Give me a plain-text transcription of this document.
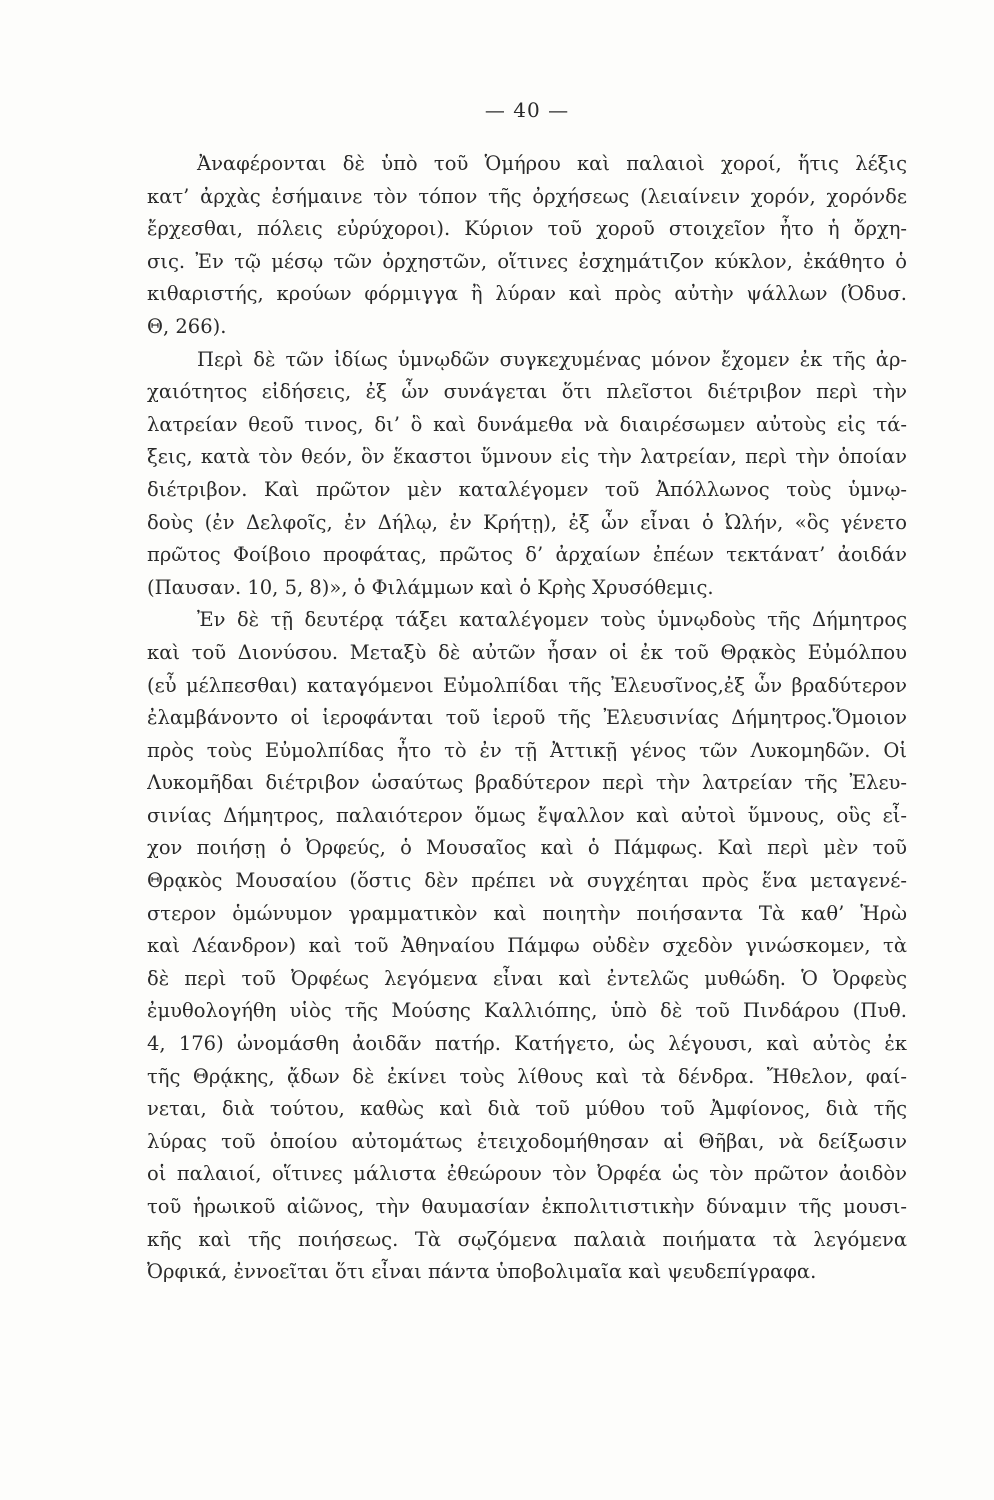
— 40 —
Ἀναφέρονται δὲ ὑπὸ τοῦ Ὁμήρου καὶ παλαιοὶ χοροί, ἥτις λέξις
κατ’ ἀρχὰς ἐσήμαινε τὸν τόπον τῆς ὀρχήσεως (λειαίνειν χορόν, χορόνδε
ἔρχεσθαι, πόλεις εὐρύχοροι). Κύριον τοῦ χοροῦ στοιχεῖον ἦτο ἡ ὄρχη-
σις. Ἐν τῷ μέσῳ τῶν ὀρχηστῶν, οἵτινες ἐσχημάτιζον κύκλον, ἐκάθητο ὁ
κιθαριστής, κρούων φόρμιγγα ἢ λύραν καὶ πρὸς αὐτὴν ψάλλων (Ὀδυσ.
Θ, 266).
Περὶ δὲ τῶν ἰδίως ὑμνῳδῶν συγκεχυμένας μόνον ἔχομεν ἐκ τῆς ἀρ-
χαιότητος εἰδήσεις, ἐξ ὧν συνάγεται ὅτι πλεῖστοι διέτριβον περὶ τὴν
λατρείαν θεοῦ τινος, δι’ ὃ καὶ δυνάμεθα νὰ διαιρέσωμεν αὐτοὺς εἰς τά-
ξεις, κατὰ τὸν θεόν, ὃν ἕκαστοι ὕμνουν εἰς τὴν λατρείαν, περὶ τὴν ὁποίαν
διέτριβον. Καὶ πρῶτον μὲν καταλέγομεν τοῦ Ἀπόλλωνος τοὺς ὑμνῳ-
δοὺς (ἐν Δελφοῖς, ἐν Δήλῳ, ἐν Κρήτῃ), ἐξ ὧν εἶναι ὁ Ὠλήν, «ὃς γένετο
πρῶτος Φοίβοιο προφάτας, πρῶτος δ’ ἀρχαίων ἐπέων τεκτάνατ’ ἀοιδάν
(Παυσαν. 10, 5, 8)», ὁ Φιλάμμων καὶ ὁ Κρὴς Χρυσόθεμις.
Ἐν δὲ τῇ δευτέρᾳ τάξει καταλέγομεν τοὺς ὑμνῳδοὺς τῆς Δήμητρος
καὶ τοῦ Διονύσου. Μεταξὺ δὲ αὐτῶν ἦσαν οἱ ἐκ τοῦ Θρᾳκὸς Εὐμόλπου
(εὖ μέλπεσθαι) καταγόμενοι Εὐμολπίδαι τῆς Ἐλευσῖνος,ἐξ ὧν βραδύτερον
ἐλαμβάνοντο οἱ ἱεροφάνται τοῦ ἱεροῦ τῆς Ἐλευσινίας Δήμητρος.Ὅμοιον
πρὸς τοὺς Εὐμολπίδας ἦτο τὸ ἐν τῇ Ἀττικῇ γένος τῶν Λυκομηδῶν. Οἱ
Λυκομῆδαι διέτριβον ὡσαύτως βραδύτερον περὶ τὴν λατρείαν τῆς Ἐλευ-
σινίας Δήμητρος, παλαιότερον ὅμως ἔψαλλον καὶ αὐτοὶ ὕμνους, οὓς εἶ-
χον ποιήσῃ ὁ Ὀρφεύς, ὁ Μουσαῖος καὶ ὁ Πάμφως. Καὶ περὶ μὲν τοῦ
Θρᾳκὸς Μουσαίου (ὅστις δὲν πρέπει νὰ συγχέηται πρὸς ἕνα μεταγενέ-
στερον ὁμώνυμον γραμματικὸν καὶ ποιητὴν ποιήσαντα Τὰ καθ’ Ἡρὼ
καὶ Λέανδρον) καὶ τοῦ Ἀθηναίου Πάμφω οὐδὲν σχεδὸν γινώσκομεν, τὰ
δὲ περὶ τοῦ Ὀρφέως λεγόμενα εἶναι καὶ ἐντελῶς μυθώδη. Ὁ Ὀρφεὺς
ἐμυθολογήθη υἱὸς τῆς Μούσης Καλλιόπης, ὑπὸ δὲ τοῦ Πινδάρου (Πυθ.
4, 176) ὠνομάσθη ἀοιδᾶν πατήρ. Κατήγετο, ὡς λέγουσι, καὶ αὐτὸς ἐκ
τῆς Θρᾴκης, ᾄδων δὲ ἐκίνει τοὺς λίθους καὶ τὰ δένδρα. Ἤθελον, φαί-
νεται, διὰ τούτου, καθὼς καὶ διὰ τοῦ μύθου τοῦ Ἀμφίονος, διὰ τῆς
λύρας τοῦ ὁποίου αὐτομάτως ἐτειχοδομήθησαν αἱ Θῆβαι, νὰ δείξωσιν
οἱ παλαιοί, οἵτινες μάλιστα ἐθεώρουν τὸν Ὀρφέα ὡς τὸν πρῶτον ἀοιδὸν
τοῦ ἡρωικοῦ αἰῶνος, τὴν θαυμασίαν ἐκπολιτιστικὴν δύναμιν τῆς μουσι-
κῆς καὶ τῆς ποιήσεως. Τὰ σῳζόμενα παλαιὰ ποιήματα τὰ λεγόμενα
Ὀρφικά, ἐννοεῖται ὅτι εἶναι πάντα ὑποβολιμαῖα καὶ ψευδεπίγραφα.
